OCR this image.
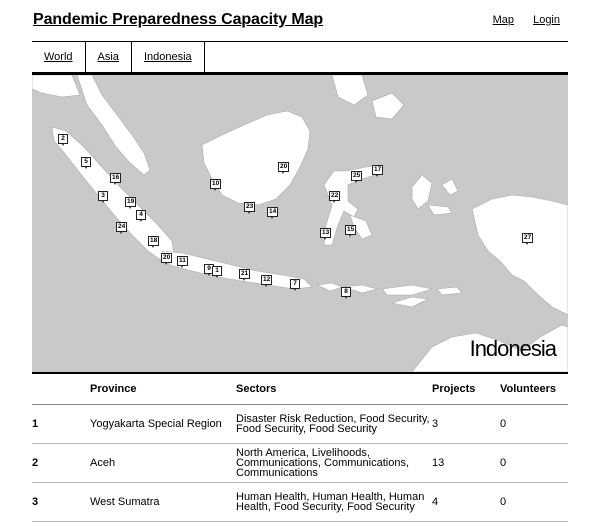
Pandemic Preparedness Capacity Map	Map Login
World	Asia	Indonesia
2
5
16
3
19
4
24
18
20	11
9 1	21
12
7
8
10
23
14
20
22
13	15
25
17
27
Indonesia
	Province	Sectors	Projects	Volunteers
1	Yogyakarta Special Region	Disaster Risk Reduction, Food Security, Food Security, Food Security	3	0
2	Aceh	North America, Livelihoods, Communications, Communications, Communications	13	0
3	West Sumatra	Human Health, Human Health, Human Health, Food Security, Food Security	4	0
